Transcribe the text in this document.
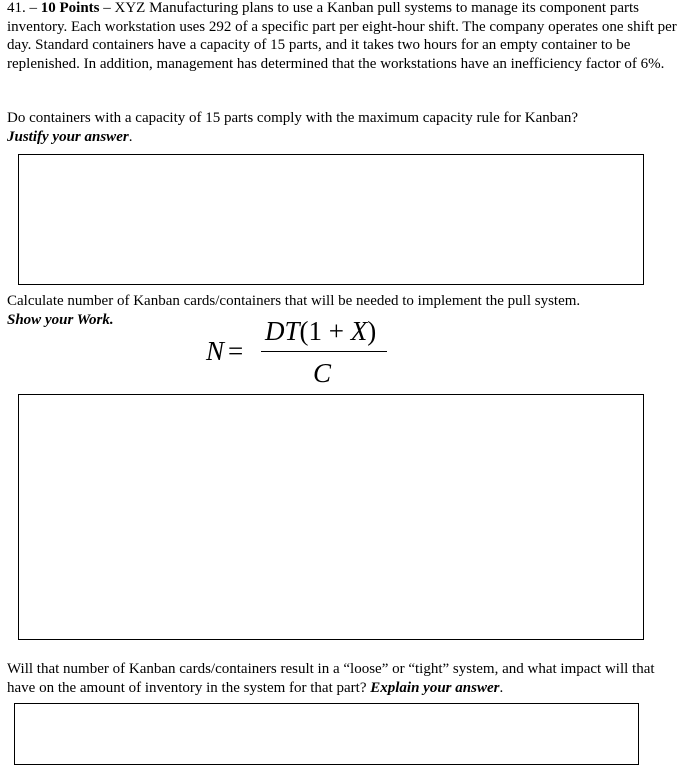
41. – 10 Points – XYZ Manufacturing plans to use a Kanban pull systems to manage its component parts inventory. Each workstation uses 292 of a specific part per eight-hour shift. The company operates one shift per day. Standard containers have a capacity of 15 parts, and it takes two hours for an empty container to be replenished. In addition, management has determined that the workstations have an inefficiency factor of 6%.

Do containers with a capacity of 15 parts comply with the maximum capacity rule for Kanban?
Justify your answer.

Calculate number of Kanban cards/containers that will be needed to implement the pull system.
Show your Work.

N =
DT(1 + X)
C

Will that number of Kanban cards/containers result in a “loose” or “tight” system, and what impact will that have on the amount of inventory in the system for that part? Explain your answer.
